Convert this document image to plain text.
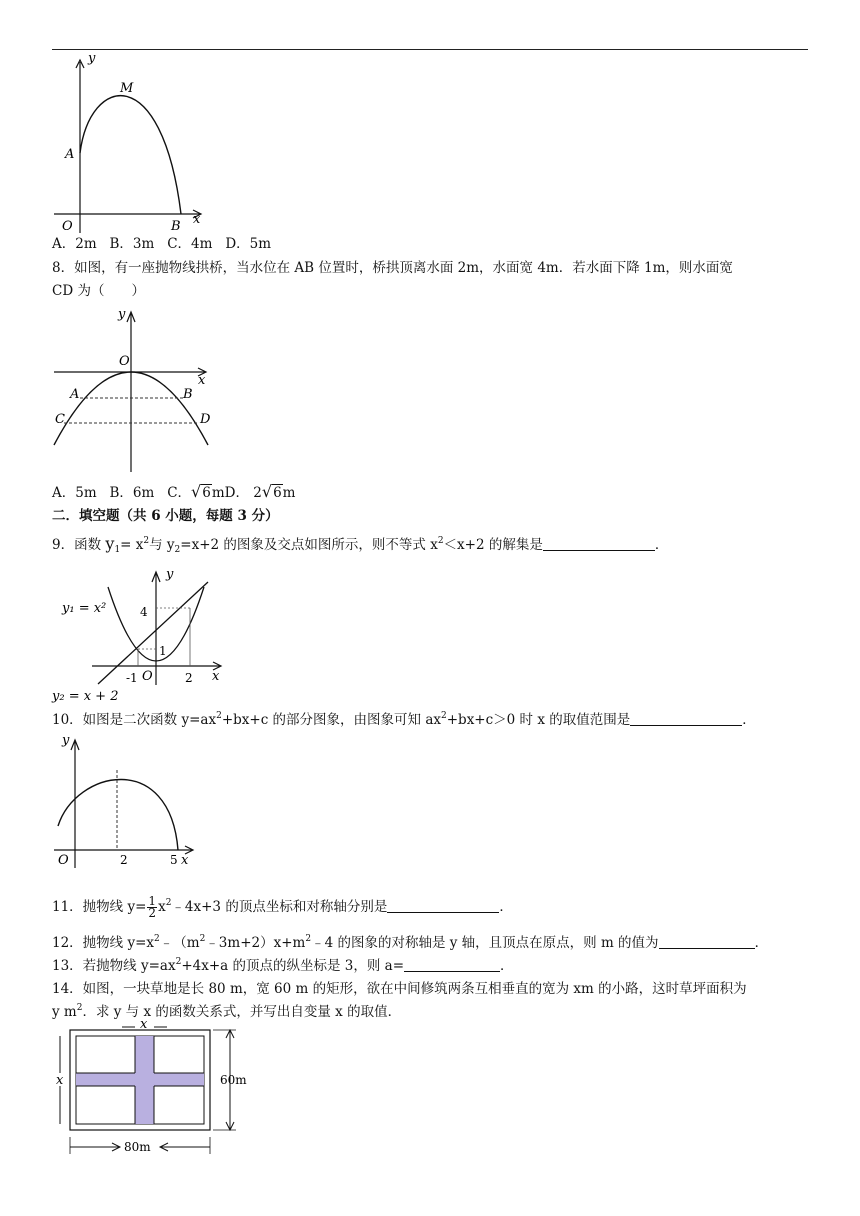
y
M
A
O	B x
A．2m B．3m C．4m D．5m
8．如图，有一座抛物线拱桥，当水位在 AB 位置时，桥拱顶离水面 2m，水面宽 4m．若水面下降 1m，则水面宽
CD 为（　　）
y
O
x
A	B
C	D
A．5m B．6m C．√6mD． 2√6m
二．填空题（共 6 小题，每题 3 分）
9．函数 $y_1= x^2$与 $y_2=x+2$ 的图象及交点如图所示，则不等式 $x^2<x+2$ 的解集是	．
y₁ = x²
y₂ = x + 2
y
x
4
1
-1 O	2
10．如图是二次函数 $y=ax^2+bx+c$ 的部分图象，由图象可知 $ax^2+bx+c>0$ 时 x 的取值范围是	．
y
O	2	5 x
11．抛物线 $y= \frac{1}{2}$ $x^2﹣4x+3$ 的顶点坐标和对称轴分别是	．
12．抛物线 $y=x^2﹣(m^2﹣3m+2)x+m^2﹣4$ 的图象的对称轴是 y 轴，且顶点在原点，则 m 的值为	．
13．若抛物线 $y=ax^2+4x+a$ 的顶点的纵坐标是 3，则 a=	．
14．如图，一块草地是长 80 m，宽 60 m 的矩形，欲在中间修筑两条互相垂直的宽为 xm 的小路，这时草坪面积为
y $m^2$．求 y 与 x 的函数关系式，并写出自变量 x 的取值．
x
x	60m
80m
